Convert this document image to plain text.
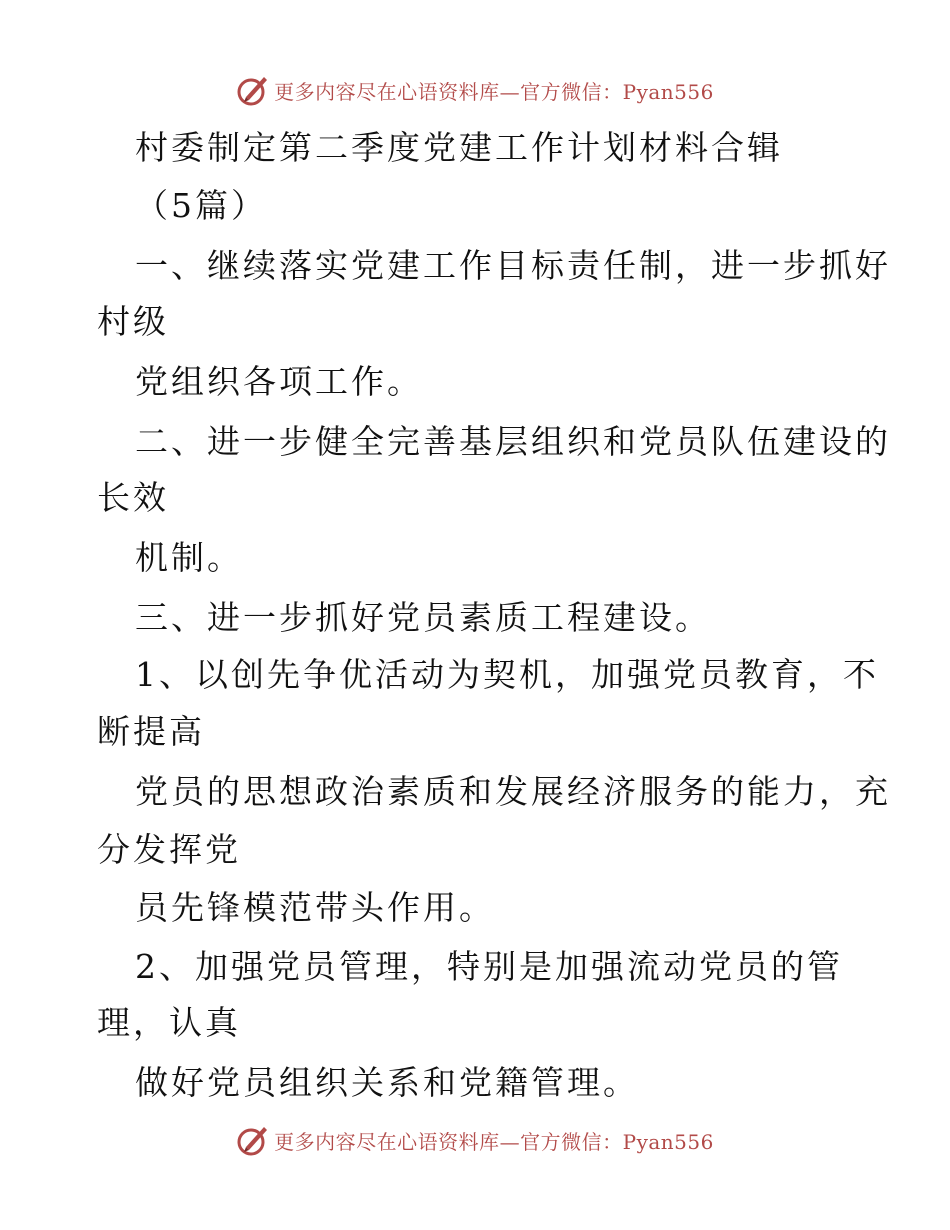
更多内容尽在心语资料库—官方微信：Pyan556
村委制定第二季度党建工作计划材料合辑
（5篇）
一、继续落实党建工作目标责任制，进一步抓好
村级
党组织各项工作。
二、进一步健全完善基层组织和党员队伍建设的
长效
机制。
三、进一步抓好党员素质工程建设。
1、以创先争优活动为契机，加强党员教育，不
断提高
党员的思想政治素质和发展经济服务的能力，充
分发挥党
员先锋模范带头作用。
2、加强党员管理，特别是加强流动党员的管
理，认真
做好党员组织关系和党籍管理。
更多内容尽在心语资料库—官方微信：Pyan556
